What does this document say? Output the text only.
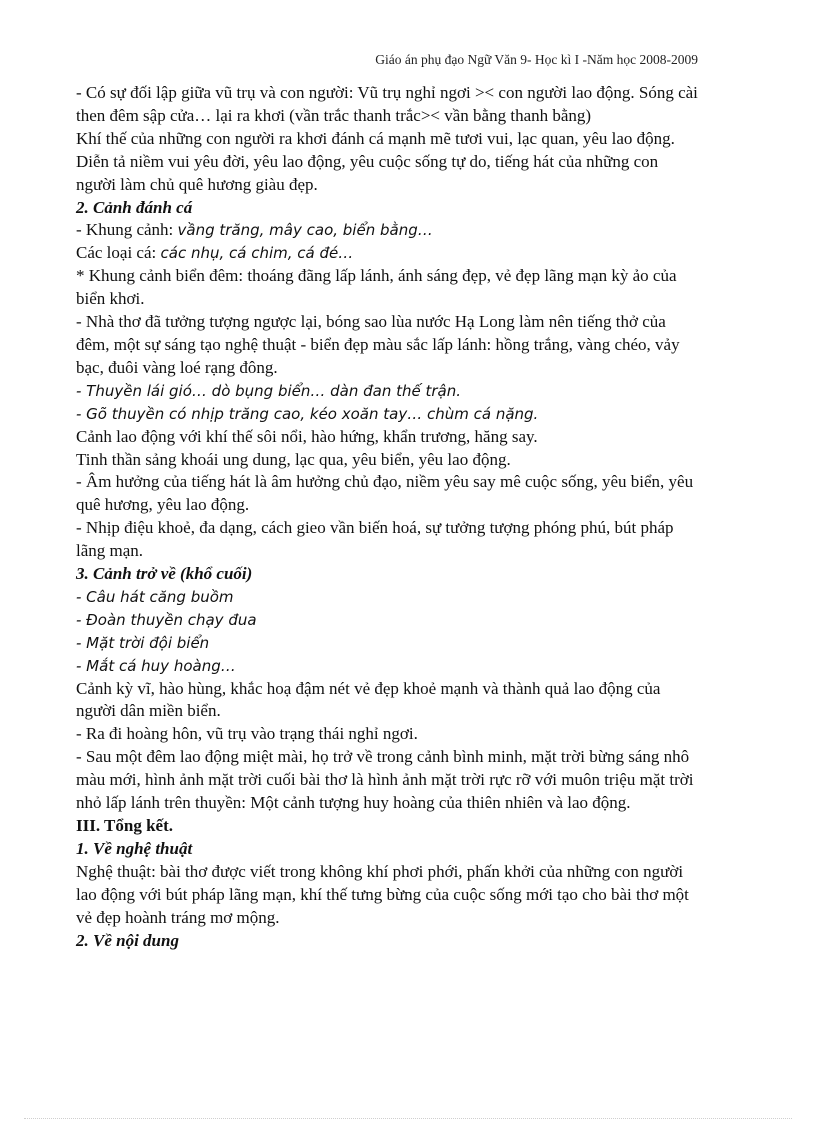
Giáo án phụ đạo Ngữ Văn 9- Học kì I -Năm học 2008-2009

- Có sự đối lập giữa vũ trụ và con người: Vũ trụ nghỉ ngơi >< con người lao động. Sóng cài then đêm sập cửa… lại ra khơi (vần trắc thanh trắc>< vần bằng thanh bằng)

Khí thế của những con người ra khơi đánh cá mạnh mẽ tươi vui, lạc quan, yêu lao động.

Diễn tả niềm vui yêu đời, yêu lao động, yêu cuộc sống tự do, tiếng hát của những con người làm chủ quê hương giàu đẹp.

2. Cảnh đánh cá

- Khung cảnh: vầng trăng, mây cao, biển bằng…

Các loại cá: các nhụ, cá chim, cá đé…

* Khung cảnh biển đêm: thoáng đãng lấp lánh, ánh sáng đẹp, vẻ đẹp lãng mạn kỳ ảo của biển khơi.

- Nhà thơ đã tưởng tượng ngược lại, bóng sao lùa nước Hạ Long làm nên tiếng thở của đêm, một sự sáng tạo nghệ thuật - biển đẹp màu sắc lấp lánh: hồng trắng, vàng chéo, vảy bạc, đuôi vàng loé rạng đông.

- Thuyền lái gió… dò bụng biển… dàn đan thế trận.

- Gõ thuyền có nhịp trăng cao, kéo xoăn tay… chùm cá nặng.

Cảnh lao động với khí thế sôi nổi, hào hứng, khẩn trương, hăng say.

Tinh thần sảng khoái ung dung, lạc qua, yêu biển, yêu lao động.

- Âm hưởng của tiếng hát là âm hưởng chủ đạo, niềm yêu say mê cuộc sống, yêu biển, yêu quê hương, yêu lao động.

- Nhịp điệu khoẻ, đa dạng, cách gieo vần biến hoá, sự tưởng tượng phóng phú, bút pháp lãng mạn.

3. Cảnh trở về (khổ cuối)

- Câu hát căng buồm

- Đoàn thuyền chạy đua

- Mặt trời đội biển

- Mắt cá huy hoàng…

Cảnh kỳ vĩ, hào hùng, khắc hoạ đậm nét vẻ đẹp khoẻ mạnh và thành quả lao động của người dân miền biển.

- Ra đi hoàng hôn, vũ trụ vào trạng thái nghỉ ngơi.

- Sau một đêm lao động miệt mài, họ trở về trong cảnh bình minh, mặt trời bừng sáng nhô màu mới, hình ảnh mặt trời cuối bài thơ là hình ảnh mặt trời rực rỡ với muôn triệu mặt trời nhỏ lấp lánh trên thuyền: Một cảnh tượng huy hoàng của thiên nhiên và lao động.

III. Tổng kết.

1. Về nghệ thuật

Nghệ thuật: bài thơ được viết trong không khí phơi phới, phấn khởi của những con người lao động với bút pháp lãng mạn, khí thế tưng bừng của cuộc sống mới tạo cho bài thơ một vẻ đẹp hoành tráng mơ mộng.

2. Về nội dung
